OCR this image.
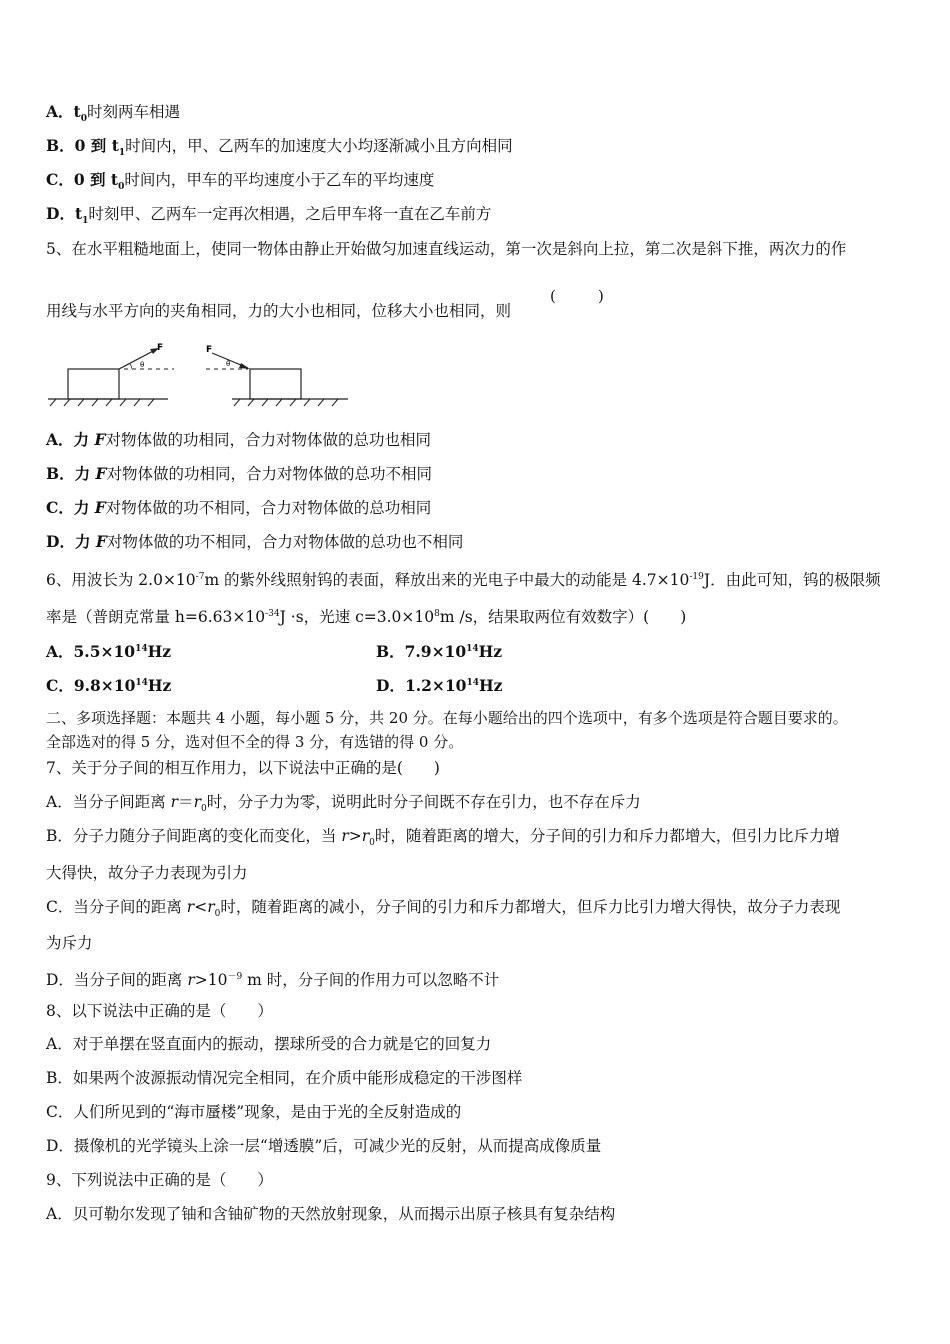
A．$t_0$时刻两车相遇
B．0 到 $t_1$时间内，甲、乙两车的加速度大小均逐渐减小且方向相同
C．0 到 $t_0$时间内，甲车的平均速度小于乙车的平均速度
D．$t_1$时刻甲、乙两车一定再次相遇，之后甲车将一直在乙车前方
5、在水平粗糙地面上，使同一物体由静止开始做匀加速直线运动，第一次是斜向上拉，第二次是斜下推，两次力的作
用线与水平方向的夹角相同，力的大小也相同，位移大小也相同，则
(	)
θ
F
θ
F
A．力 F对物体做的功相同，合力对物体做的总功也相同
B．力 F对物体做的功相同，合力对物体做的总功不相同
C．力 F对物体做的功不相同，合力对物体做的总功相同
D．力 F对物体做的功不相同，合力对物体做的总功也不相同
6、用波长为 $2.0\times 10^{-7}m$ 的紫外线照射钨的表面，释放出来的光电子中最大的动能是 $4.7\times 10^{-19}J$．由此可知，钨的极限频
率是（普朗克常量 $h=6.63\times 10^{-34}J \cdot s$，光速 $c=3.0\times 10^8m$ /s，结果取两位有效数字）(　　)
A．$5.5\times 10^{14}Hz$	B．$7.9\times 10^{14}Hz$
C．$9.8\times 10^{14}Hz$	D．$1.2\times 10^{14}Hz$
二、多项选择题：本题共 4 小题，每小题 5 分，共 20 分。在每小题给出的四个选项中，有多个选项是符合题目要求的。
全部选对的得 5 分，选对但不全的得 3 分，有选错的得 0 分。
7、关于分子间的相互作用力，以下说法中正确的是(　　)
A．当分子间距离 $r=r_0$时，分子力为零，说明此时分子间既不存在引力，也不存在斥力
B．分子力随分子间距离的变化而变化，当 $r>r_0$时，随着距离的增大，分子间的引力和斥力都增大，但引力比斥力增
大得快，故分子力表现为引力
C．当分子间的距离 $r<r_0$时，随着距离的减小，分子间的引力和斥力都增大，但斥力比引力增大得快，故分子力表现
为斥力
D．当分子间的距离 $r>10^{-9}$ m 时，分子间的作用力可以忽略不计
8、以下说法中正确的是（　　）
A．对于单摆在竖直面内的振动，摆球所受的合力就是它的回复力
B．如果两个波源振动情况完全相同，在介质中能形成稳定的干涉图样
C．人们所见到的“海市蜃楼”现象，是由于光的全反射造成的
D．摄像机的光学镜头上涂一层“增透膜”后，可减少光的反射，从而提高成像质量
9、下列说法中正确的是（　　）
A．贝可勒尔发现了铀和含铀矿物的天然放射现象，从而揭示出原子核具有复杂结构
